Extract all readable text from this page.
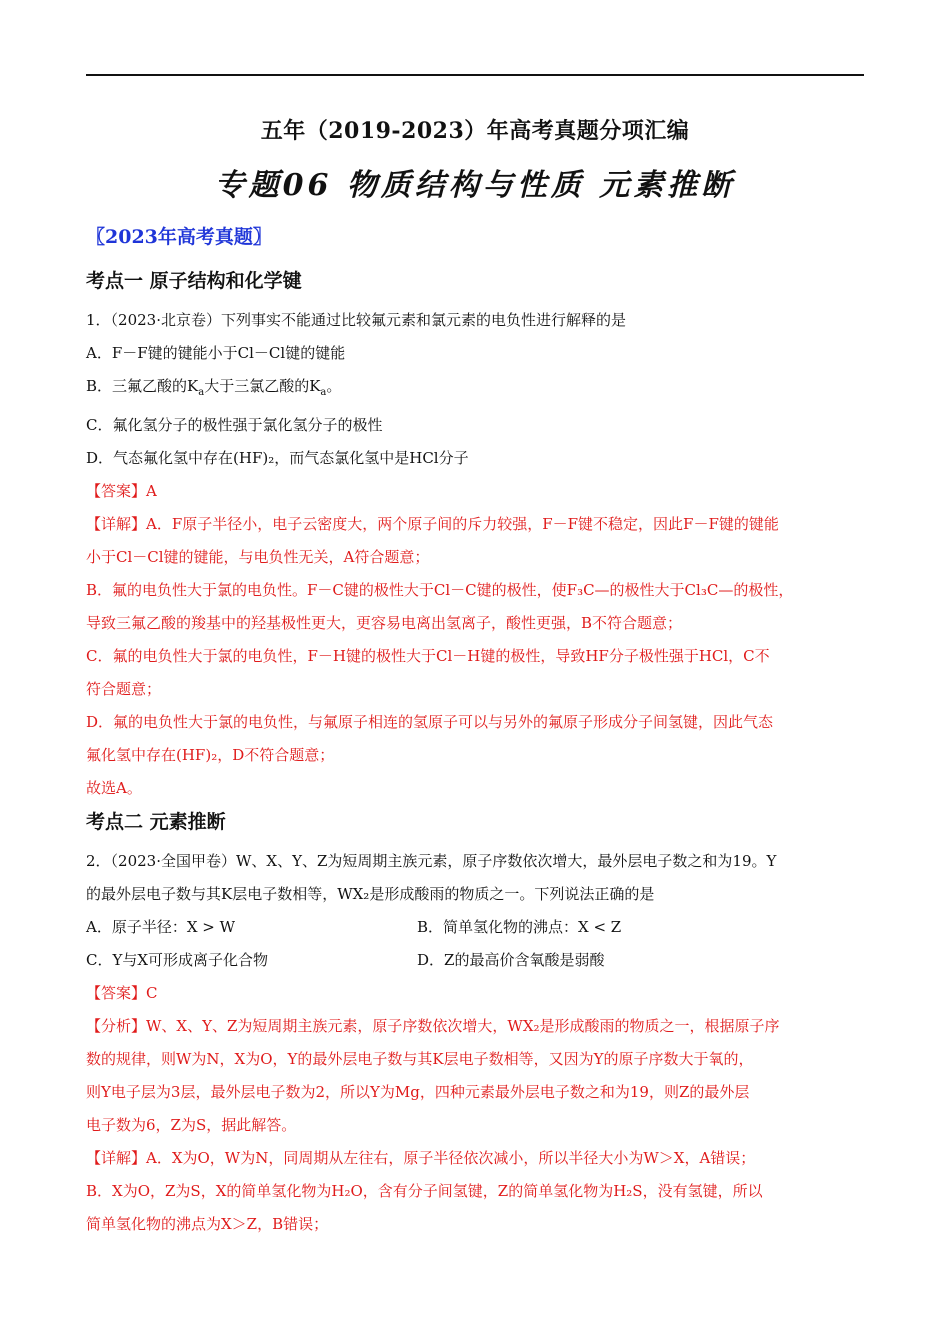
五年（2019-2023）年高考真题分项汇编
专题06 物质结构与性质 元素推断
〖2023年高考真题〗
考点一 原子结构和化学键
1．（2023·北京卷）下列事实不能通过比较氟元素和氯元素的电负性进行解释的是
A．F－F键的键能小于Cl－Cl键的键能
B．三氟乙酸的$K_a$大于三氯乙酸的$K_a$。
C．氟化氢分子的极性强于氯化氢分子的极性
D．气态氟化氢中存在(HF)₂，而气态氯化氢中是HCl分子
【答案】A
【详解】A．F原子半径小，电子云密度大，两个原子间的斥力较强，F－F键不稳定，因此F－F键的键能
小于Cl－Cl键的键能，与电负性无关，A符合题意；
B．氟的电负性大于氯的电负性。F－C键的极性大于Cl－C键的极性，使F₃C—的极性大于Cl₃C—的极性，
导致三氟乙酸的羧基中的羟基极性更大，更容易电离出氢离子，酸性更强，B不符合题意；
C．氟的电负性大于氯的电负性，F－H键的极性大于Cl－H键的极性，导致HF分子极性强于HCl，C不
符合题意；
D．氟的电负性大于氯的电负性，与氟原子相连的氢原子可以与另外的氟原子形成分子间氢键，因此气态
氟化氢中存在(HF)₂，D不符合题意；
故选A。
考点二 元素推断
2．（2023·全国甲卷）W、X、Y、Z为短周期主族元素，原子序数依次增大，最外层电子数之和为19。Y
的最外层电子数与其K层电子数相等，WX₂是形成酸雨的物质之一。下列说法正确的是
A．原子半径：X > W	B．简单氢化物的沸点：X < Z
C．Y与X可形成离子化合物	D．Z的最高价含氧酸是弱酸
【答案】C
【分析】W、X、Y、Z为短周期主族元素，原子序数依次增大，WX₂是形成酸雨的物质之一，根据原子序
数的规律，则W为N，X为O，Y的最外层电子数与其K层电子数相等，又因为Y的原子序数大于氧的，
则Y电子层为3层，最外层电子数为2，所以Y为Mg，四种元素最外层电子数之和为19，则Z的最外层
电子数为6，Z为S，据此解答。
【详解】A．X为O，W为N，同周期从左往右，原子半径依次减小，所以半径大小为W＞X，A错误；
B．X为O，Z为S，X的简单氢化物为H₂O，含有分子间氢键，Z的简单氢化物为H₂S，没有氢键，所以
简单氢化物的沸点为X＞Z，B错误；
